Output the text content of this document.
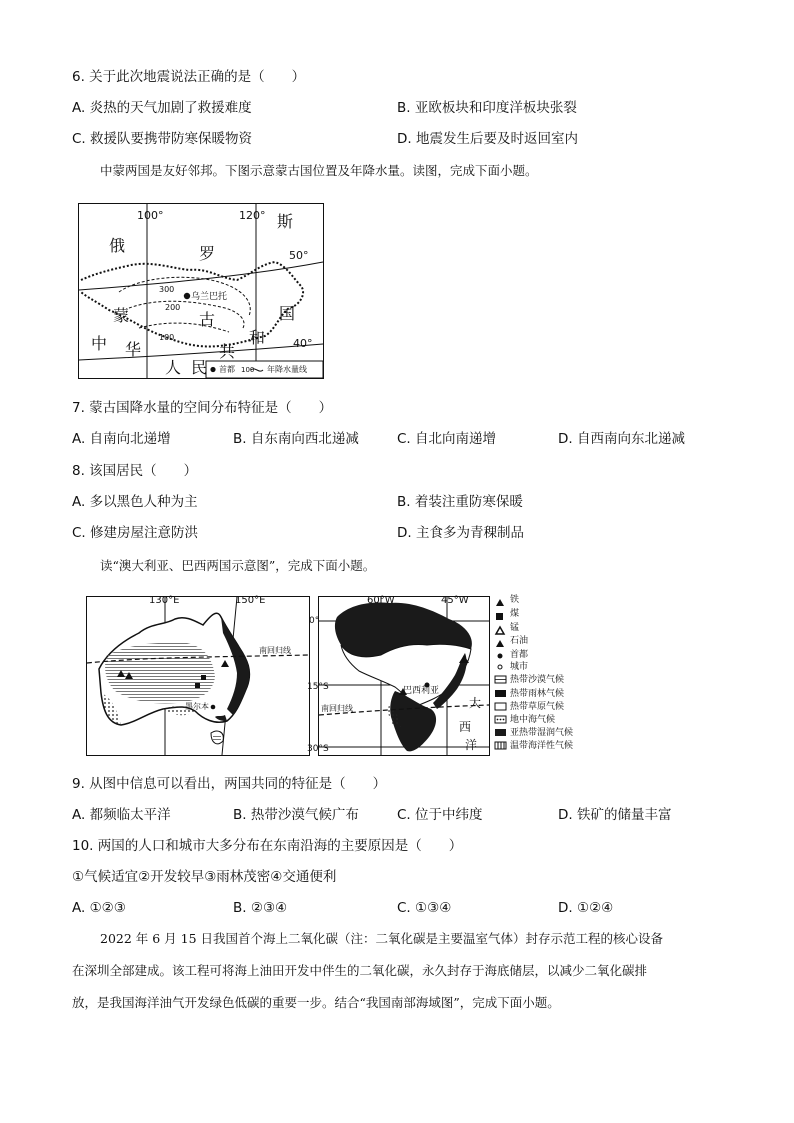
6. 关于此次地震说法正确的是（　　）
A. 炎热的天气加剧了救援难度	B. 亚欧板块和印度洋板块张裂
C. 救援队要携带防寒保暖物资	D. 地震发生后要及时返回室内
中蒙两国是友好邻邦。下图示意蒙古国位置及年降水量。读图，完成下面小题。
100°	120°
50°
40°
俄	罗
斯
蒙	古
和
国
中 华
人 民
共
乌兰巴托
300
200
100
首都 100 年降水量线
7. 蒙古国降水量的空间分布特征是（　　）
A. 自南向北递增	B. 自东南向西北递减	C. 自北向南递增	D. 自西南向东北递减
8. 该国居民（　　）
A. 多以黑色人种为主	B. 着装注重防寒保暖
C. 修建房屋注意防洪	D. 主食多为青稞制品
读“澳大利亚、巴西两国示意图”，完成下面小题。
130°E	150°E
南回归线
墨尔本
60°W	45°W
0°
15°S
30°S
南回归线
巴西利亚
大
西
洋
铁
煤
锰
石油
首都
城市
热带沙漠气候
热带雨林气候
热带草原气候
地中海气候
亚热带湿润气候
温带海洋性气候
9. 从图中信息可以看出，两国共同的特征是（　　）
A. 都频临太平洋	B. 热带沙漠气候广布	C. 位于中纬度	D. 铁矿的储量丰富
10. 两国的人口和城市大多分布在东南沿海的主要原因是（　　）
①气候适宜②开发较早③雨林茂密④交通便利
A. ①②③	B. ②③④	C. ①③④	D. ①②④
2022 年 6 月 15 日我国首个海上二氧化碳（注：二氧化碳是主要温室气体）封存示范工程的核心设备
在深圳全部建成。该工程可将海上油田开发中伴生的二氧化碳，永久封存于海底储层，以减少二氧化碳排
放，是我国海洋油气开发绿色低碳的重要一步。结合“我国南部海域图”，完成下面小题。
